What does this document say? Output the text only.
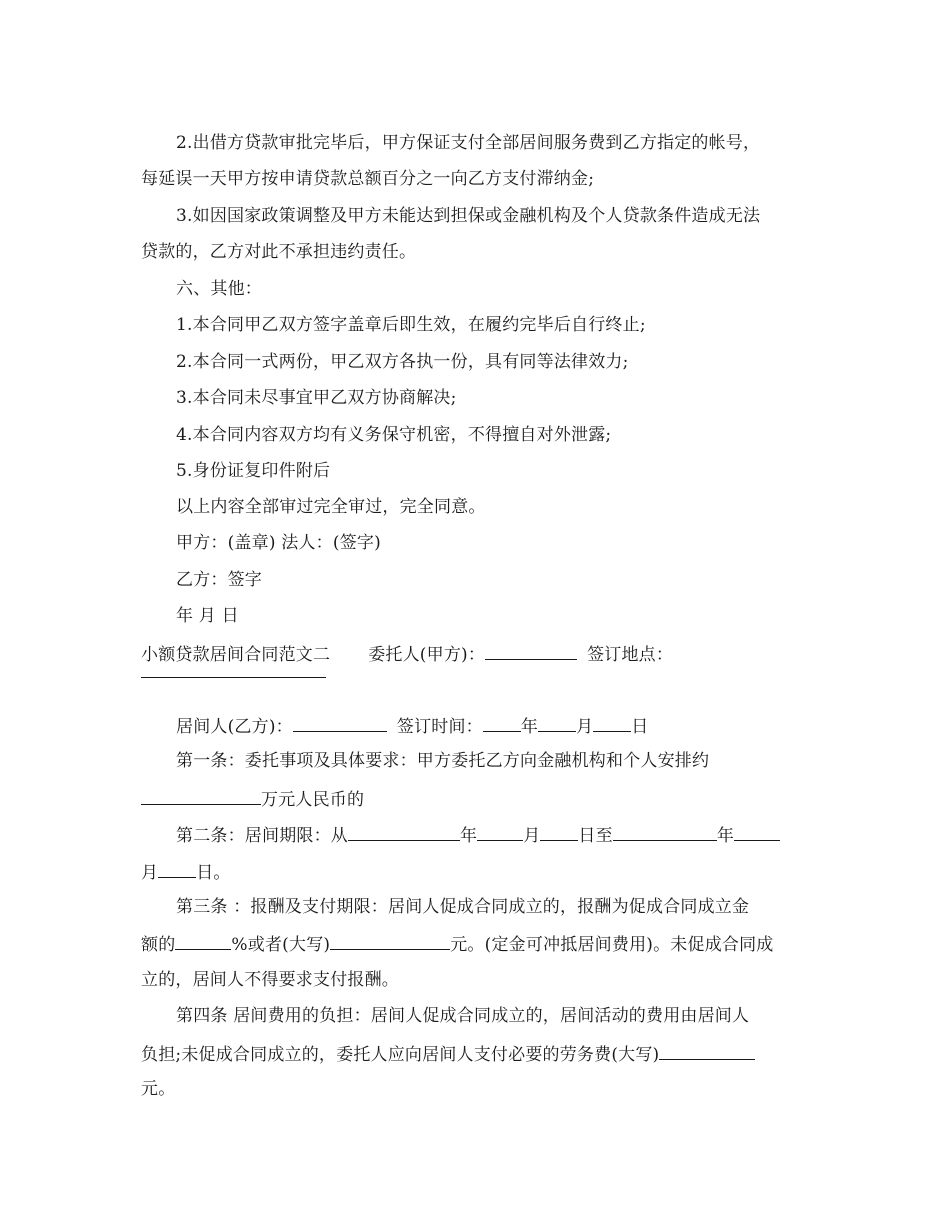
2.出借方贷款审批完毕后，甲方保证支付全部居间服务费到乙方指定的帐号，
每延误一天甲方按申请贷款总额百分之一向乙方支付滞纳金;
3.如因国家政策调整及甲方未能达到担保或金融机构及个人贷款条件造成无法
贷款的，乙方对此不承担违约责任。
六、其他：
1.本合同甲乙双方签字盖章后即生效，在履约完毕后自行终止;
2.本合同一式两份，甲乙双方各执一份，具有同等法律效力;
3.本合同未尽事宜甲乙双方协商解决;
4.本合同内容双方均有义务保守机密，不得擅自对外泄露;
5.身份证复印件附后
以上内容全部审过完全审过，完全同意。
甲方：(盖章) 法人：(签字)
乙方：签字
年 月 日
小额贷款居间合同范文二 委托人(甲方)：	签订地点：
居间人(乙方)：	签订时间： 年 月 日
第一条：委托事项及具体要求：甲方委托乙方向金融机构和个人安排约
万元人民币的
第二条：居间期限：从	年	月 日至	年
月 日。
第三条 ：报酬及支付期限：居间人促成合同成立的，报酬为促成合同成立金
额的	%或者(大写)	元。(定金可冲抵居间费用)。未促成合同成
立的，居间人不得要求支付报酬。
第四条 居间费用的负担：居间人促成合同成立的，居间活动的费用由居间人
负担;未促成合同成立的，委托人应向居间人支付必要的劳务费(大写)
元。
